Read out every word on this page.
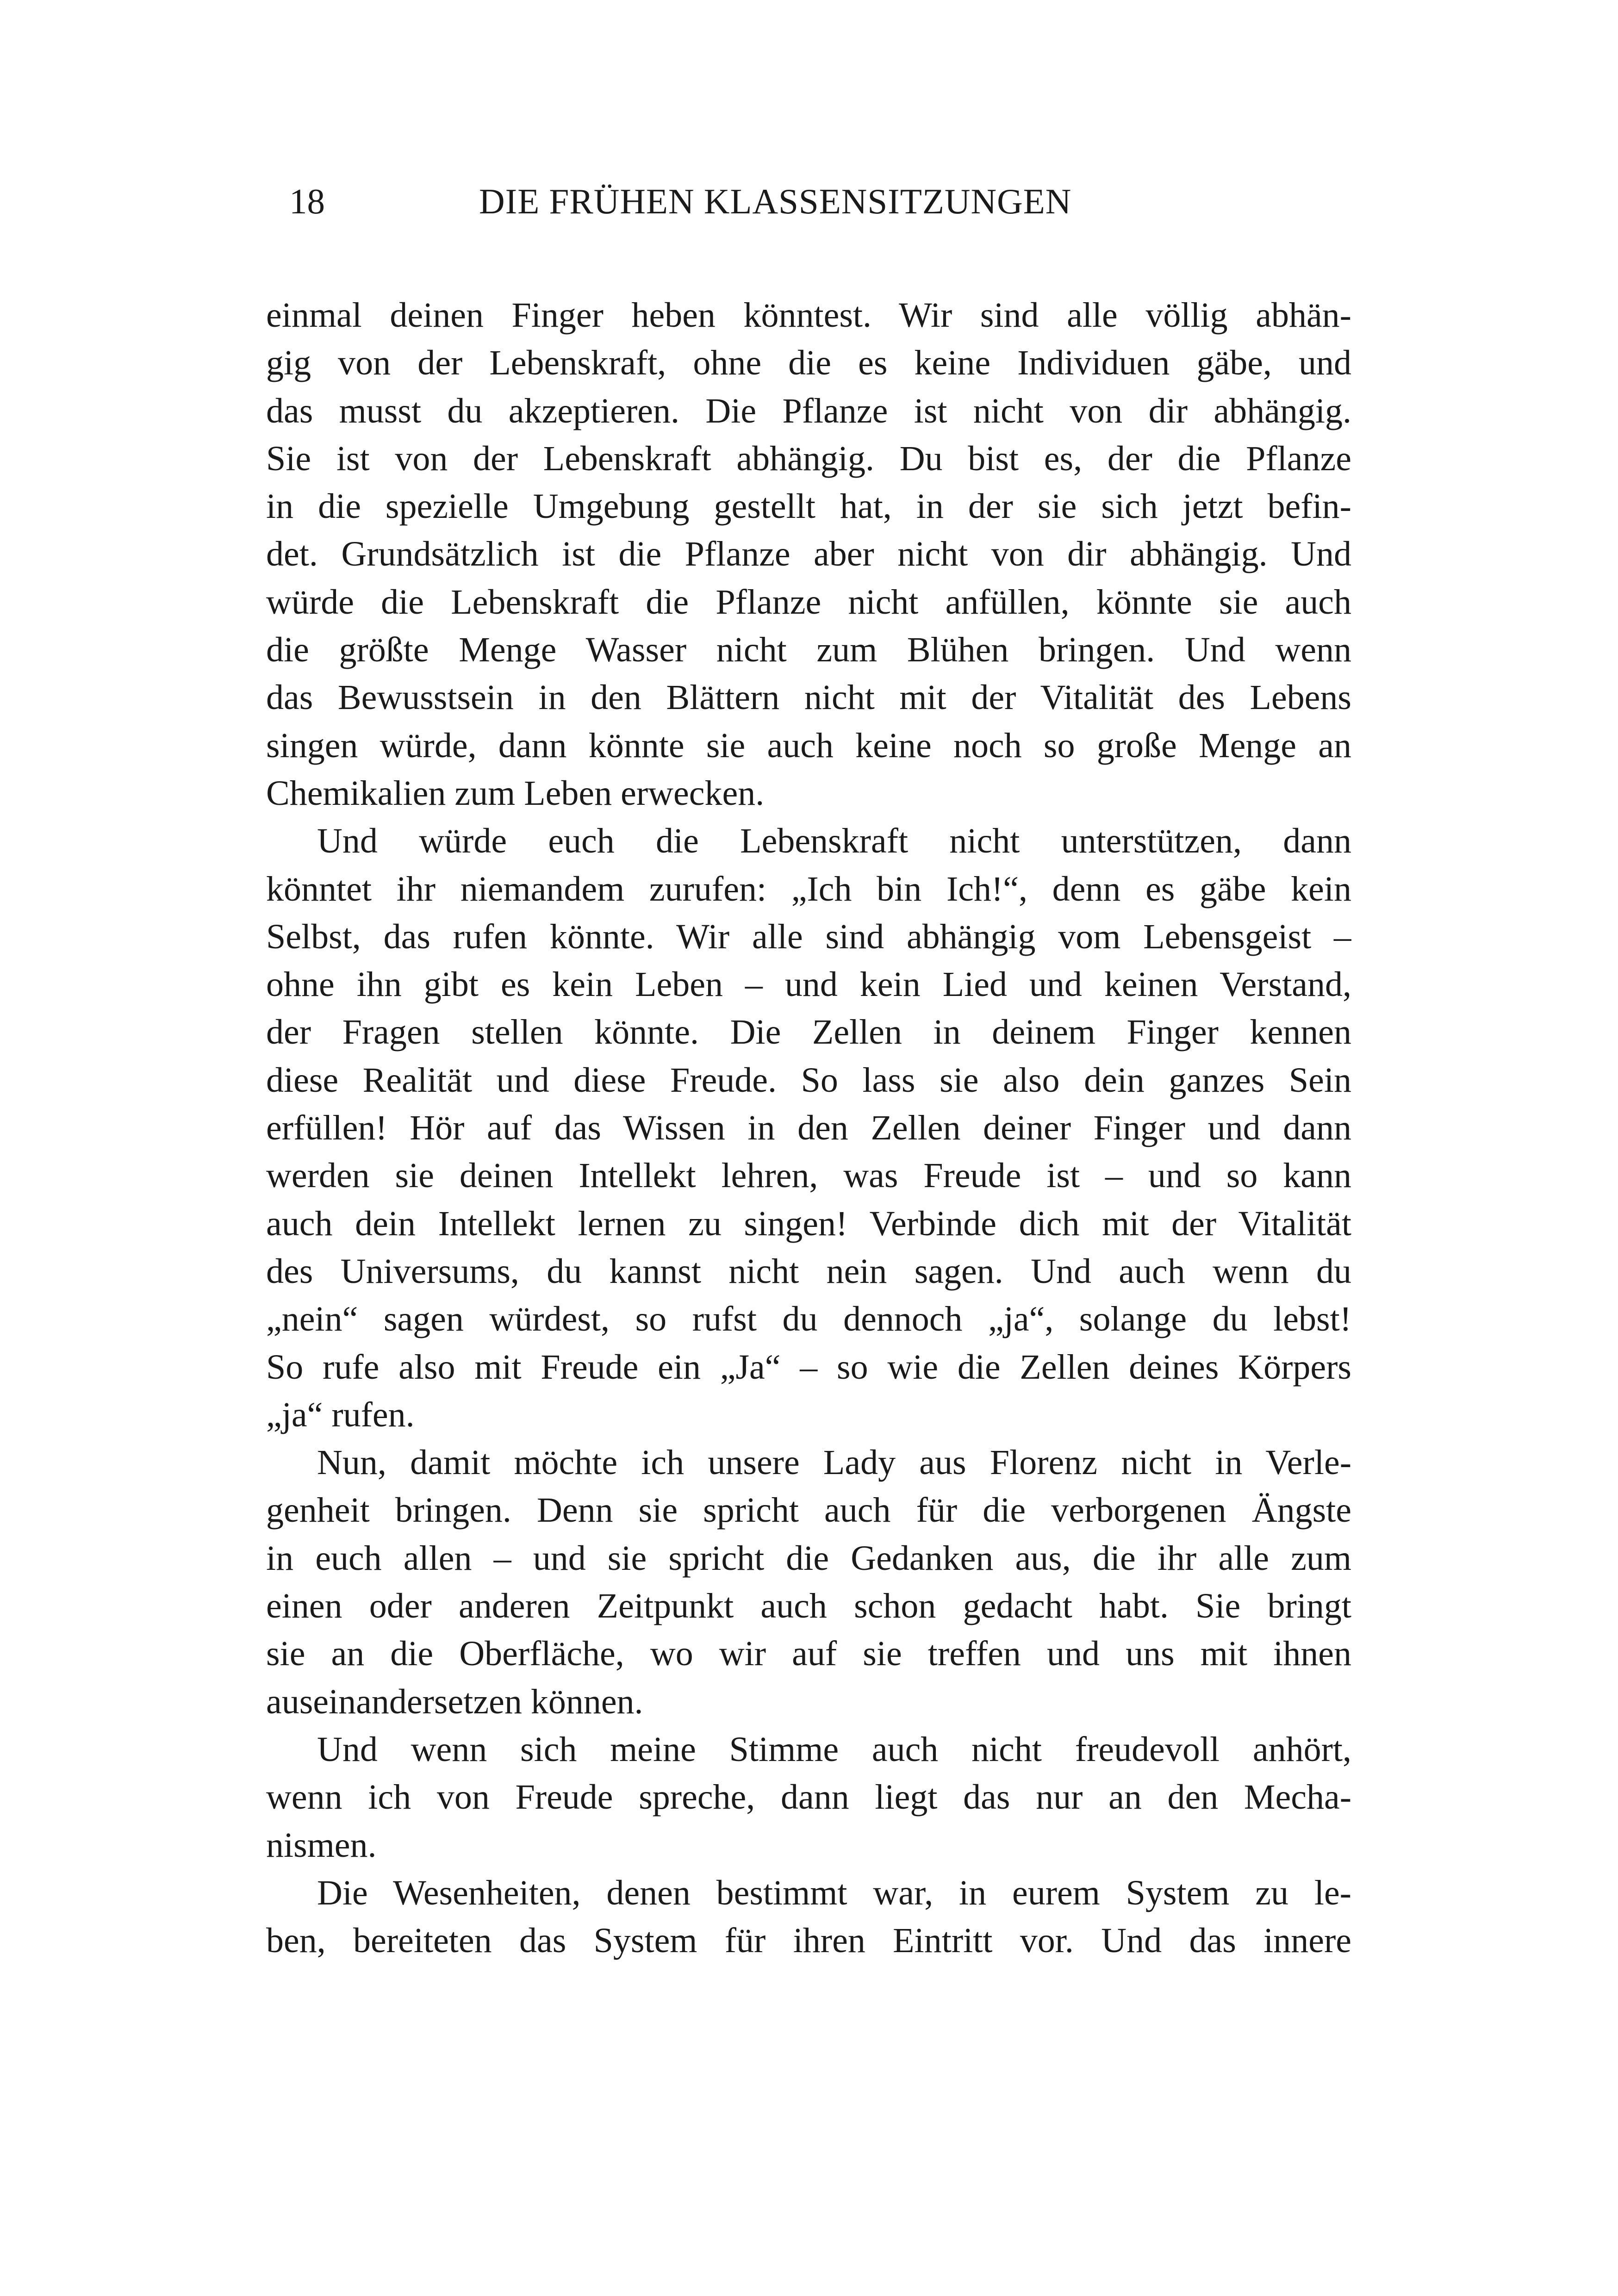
18	DIE FRÜHEN KLASSENSITZUNGEN
einmal deinen Finger heben könntest. Wir sind alle völlig abhän-
gig von der Lebenskraft, ohne die es keine Individuen gäbe, und
das musst du akzeptieren. Die Pflanze ist nicht von dir abhängig.
Sie ist von der Lebenskraft abhängig. Du bist es, der die Pflanze
in die spezielle Umgebung gestellt hat, in der sie sich jetzt befin-
det. Grundsätzlich ist die Pflanze aber nicht von dir abhängig. Und
würde die Lebenskraft die Pflanze nicht anfüllen, könnte sie auch
die größte Menge Wasser nicht zum Blühen bringen. Und wenn
das Bewusstsein in den Blättern nicht mit der Vitalität des Lebens
singen würde, dann könnte sie auch keine noch so große Menge an
Chemikalien zum Leben erwecken.
Und würde euch die Lebenskraft nicht unterstützen, dann
könntet ihr niemandem zurufen: „Ich bin Ich!“, denn es gäbe kein
Selbst, das rufen könnte. Wir alle sind abhängig vom Lebensgeist –
ohne ihn gibt es kein Leben – und kein Lied und keinen Verstand,
der Fragen stellen könnte. Die Zellen in deinem Finger kennen
diese Realität und diese Freude. So lass sie also dein ganzes Sein
erfüllen! Hör auf das Wissen in den Zellen deiner Finger und dann
werden sie deinen Intellekt lehren, was Freude ist – und so kann
auch dein Intellekt lernen zu singen! Verbinde dich mit der Vitalität
des Universums, du kannst nicht nein sagen. Und auch wenn du
„nein“ sagen würdest, so rufst du dennoch „ja“, solange du lebst!
So rufe also mit Freude ein „Ja“ – so wie die Zellen deines Körpers
„ja“ rufen.
Nun, damit möchte ich unsere Lady aus Florenz nicht in Verle-
genheit bringen. Denn sie spricht auch für die verborgenen Ängste
in euch allen – und sie spricht die Gedanken aus, die ihr alle zum
einen oder anderen Zeitpunkt auch schon gedacht habt. Sie bringt
sie an die Oberfläche, wo wir auf sie treffen und uns mit ihnen
auseinandersetzen können.
Und wenn sich meine Stimme auch nicht freudevoll anhört,
wenn ich von Freude spreche, dann liegt das nur an den Mecha-
nismen.
Die Wesenheiten, denen bestimmt war, in eurem System zu le-
ben, bereiteten das System für ihren Eintritt vor. Und das innere
